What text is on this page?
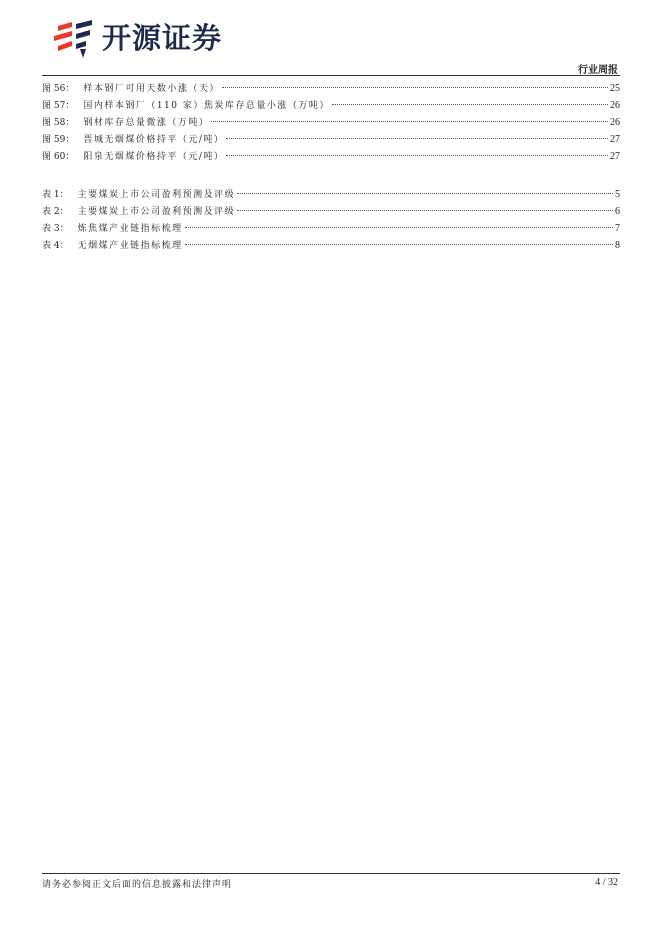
开源证券
行业周报
图 56：	样本钢厂可用天数小涨（天）	25
图 57：	国内样本钢厂（110 家）焦炭库存总量小涨（万吨）	26
图 58：	钢材库存总量微涨（万吨）	26
图 59：	晋城无烟煤价格持平（元/吨）	27
图 60：	阳泉无烟煤价格持平（元/吨）	27
表 1：	主要煤炭上市公司盈利预测及评级	5
表 2：	主要煤炭上市公司盈利预测及评级	6
表 3：	炼焦煤产业链指标梳理	7
表 4：	无烟煤产业链指标梳理	8
请务必参阅正文后面的信息披露和法律声明	4 / 32
